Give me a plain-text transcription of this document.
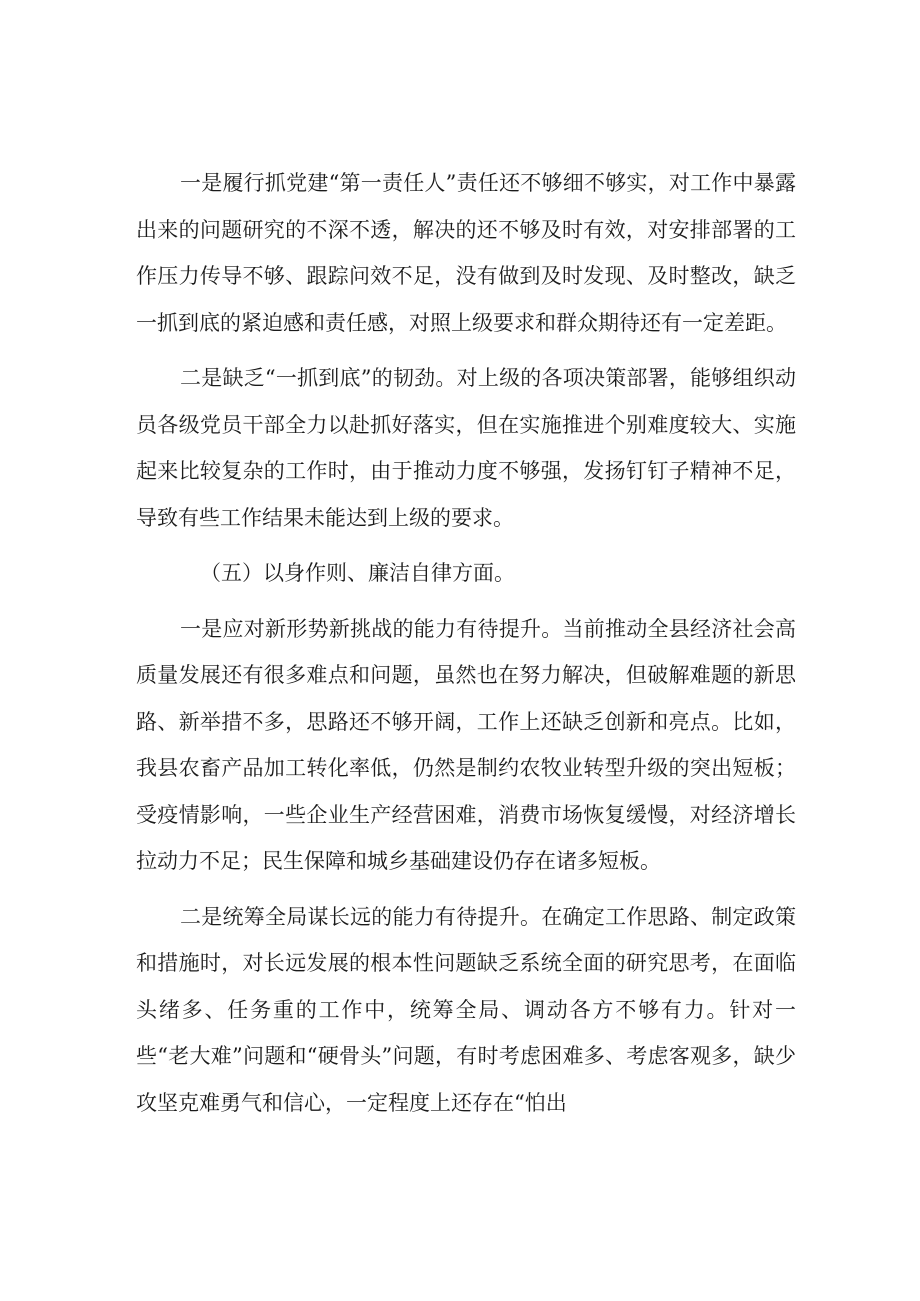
一是履行抓党建“第一责任人”责任还不够细不够实，对工作中暴露出来的问题研究的不深不透，解决的还不够及时有效，对安排部署的工作压力传导不够、跟踪问效不足，没有做到及时发现、及时整改，缺乏一抓到底的紧迫感和责任感，对照上级要求和群众期待还有一定差距。

二是缺乏“一抓到底”的韧劲。对上级的各项决策部署，能够组织动员各级党员干部全力以赴抓好落实，但在实施推进个别难度较大、实施起来比较复杂的工作时，由于推动力度不够强，发扬钉钉子精神不足，导致有些工作结果未能达到上级的要求。

（五）以身作则、廉洁自律方面。

一是应对新形势新挑战的能力有待提升。当前推动全县经济社会高质量发展还有很多难点和问题，虽然也在努力解决，但破解难题的新思路、新举措不多，思路还不够开阔，工作上还缺乏创新和亮点。比如，我县农畜产品加工转化率低，仍然是制约农牧业转型升级的突出短板；受疫情影响，一些企业生产经营困难，消费市场恢复缓慢，对经济增长拉动力不足；民生保障和城乡基础建设仍存在诸多短板。

二是统筹全局谋长远的能力有待提升。在确定工作思路、制定政策和措施时，对长远发展的根本性问题缺乏系统全面的研究思考，在面临头绪多、任务重的工作中，统筹全局、调动各方不够有力。针对一些“老大难”问题和“硬骨头”问题，有时考虑困难多、考虑客观多，缺少攻坚克难勇气和信心，一定程度上还存在“怕出
